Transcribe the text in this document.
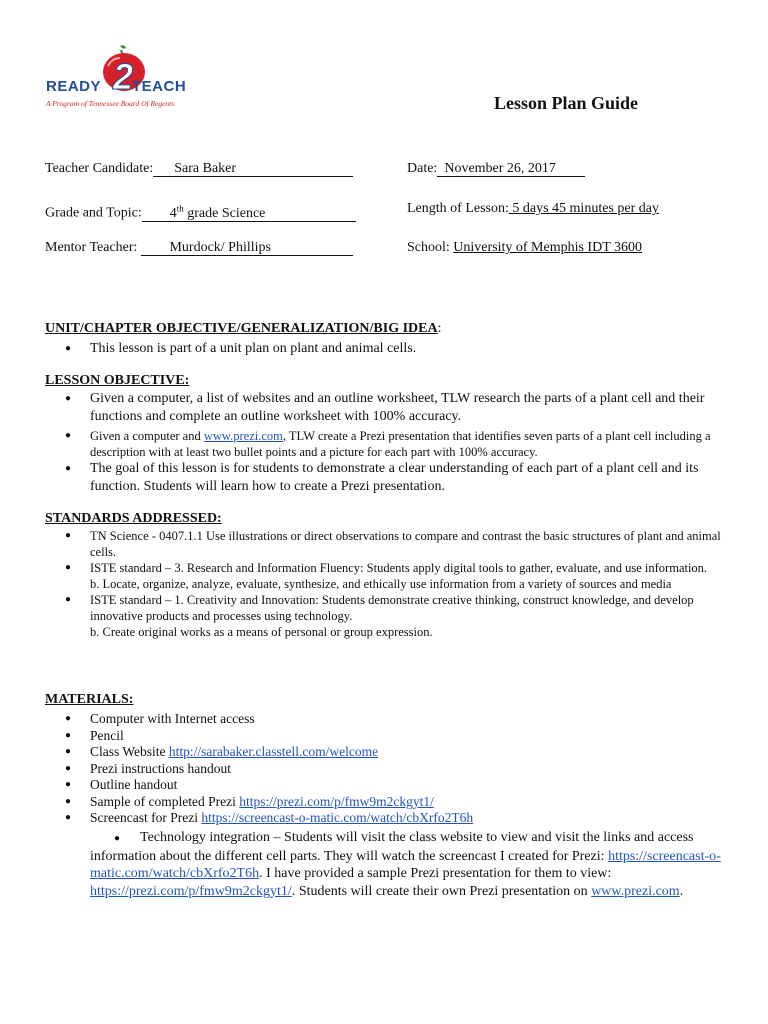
2
READY TEACH
A Program of Tennessee Board Of Regents	Lesson Plan Guide
Teacher Candidate: Sara Baker	Date: November 26, 2017
Grade and Topic: 4th grade Science	Length of Lesson: 5 days 45 minutes per day
Mentor Teacher: Murdock/ Phillips	School: University of Memphis IDT 3600
UNIT/CHAPTER OBJECTIVE/GENERALIZATION/BIG IDEA:
● This lesson is part of a unit plan on plant and animal cells.
LESSON OBJECTIVE:
● Given a computer, a list of websites and an outline worksheet, TLW research the parts of a plant cell and their functions and complete an outline worksheet with 100% accuracy.
● Given a computer and www.prezi.com, TLW create a Prezi presentation that identifies seven parts of a plant cell including a description with at least two bullet points and a picture for each part with 100% accuracy.
● The goal of this lesson is for students to demonstrate a clear understanding of each part of a plant cell and its function. Students will learn how to create a Prezi presentation.
STANDARDS ADDRESSED:
● TN Science - 0407.1.1 Use illustrations or direct observations to compare and contrast the basic structures of plant and animal cells.
● ISTE standard – 3. Research and Information Fluency: Students apply digital tools to gather, evaluate, and use information.
b. Locate, organize, analyze, evaluate, synthesize, and ethically use information from a variety of sources and media
● ISTE standard – 1. Creativity and Innovation: Students demonstrate creative thinking, construct knowledge, and develop innovative products and processes using technology.
b. Create original works as a means of personal or group expression.
MATERIALS:
● Computer with Internet access
● Pencil
● Class Website http://sarabaker.classtell.com/welcome
● Prezi instructions handout
● Outline handout
● Sample of completed Prezi https://prezi.com/p/fmw9m2ckgyt1/
● Screencast for Prezi https://screencast-o-matic.com/watch/cbXrfo2T6h
● Technology integration – Students will visit the class website to view and visit the links and access information about the different cell parts. They will watch the screencast I created for Prezi: https://screencast-o-matic.com/watch/cbXrfo2T6h. I have provided a sample Prezi presentation for them to view: https://prezi.com/p/fmw9m2ckgyt1/. Students will create their own Prezi presentation on www.prezi.com.
